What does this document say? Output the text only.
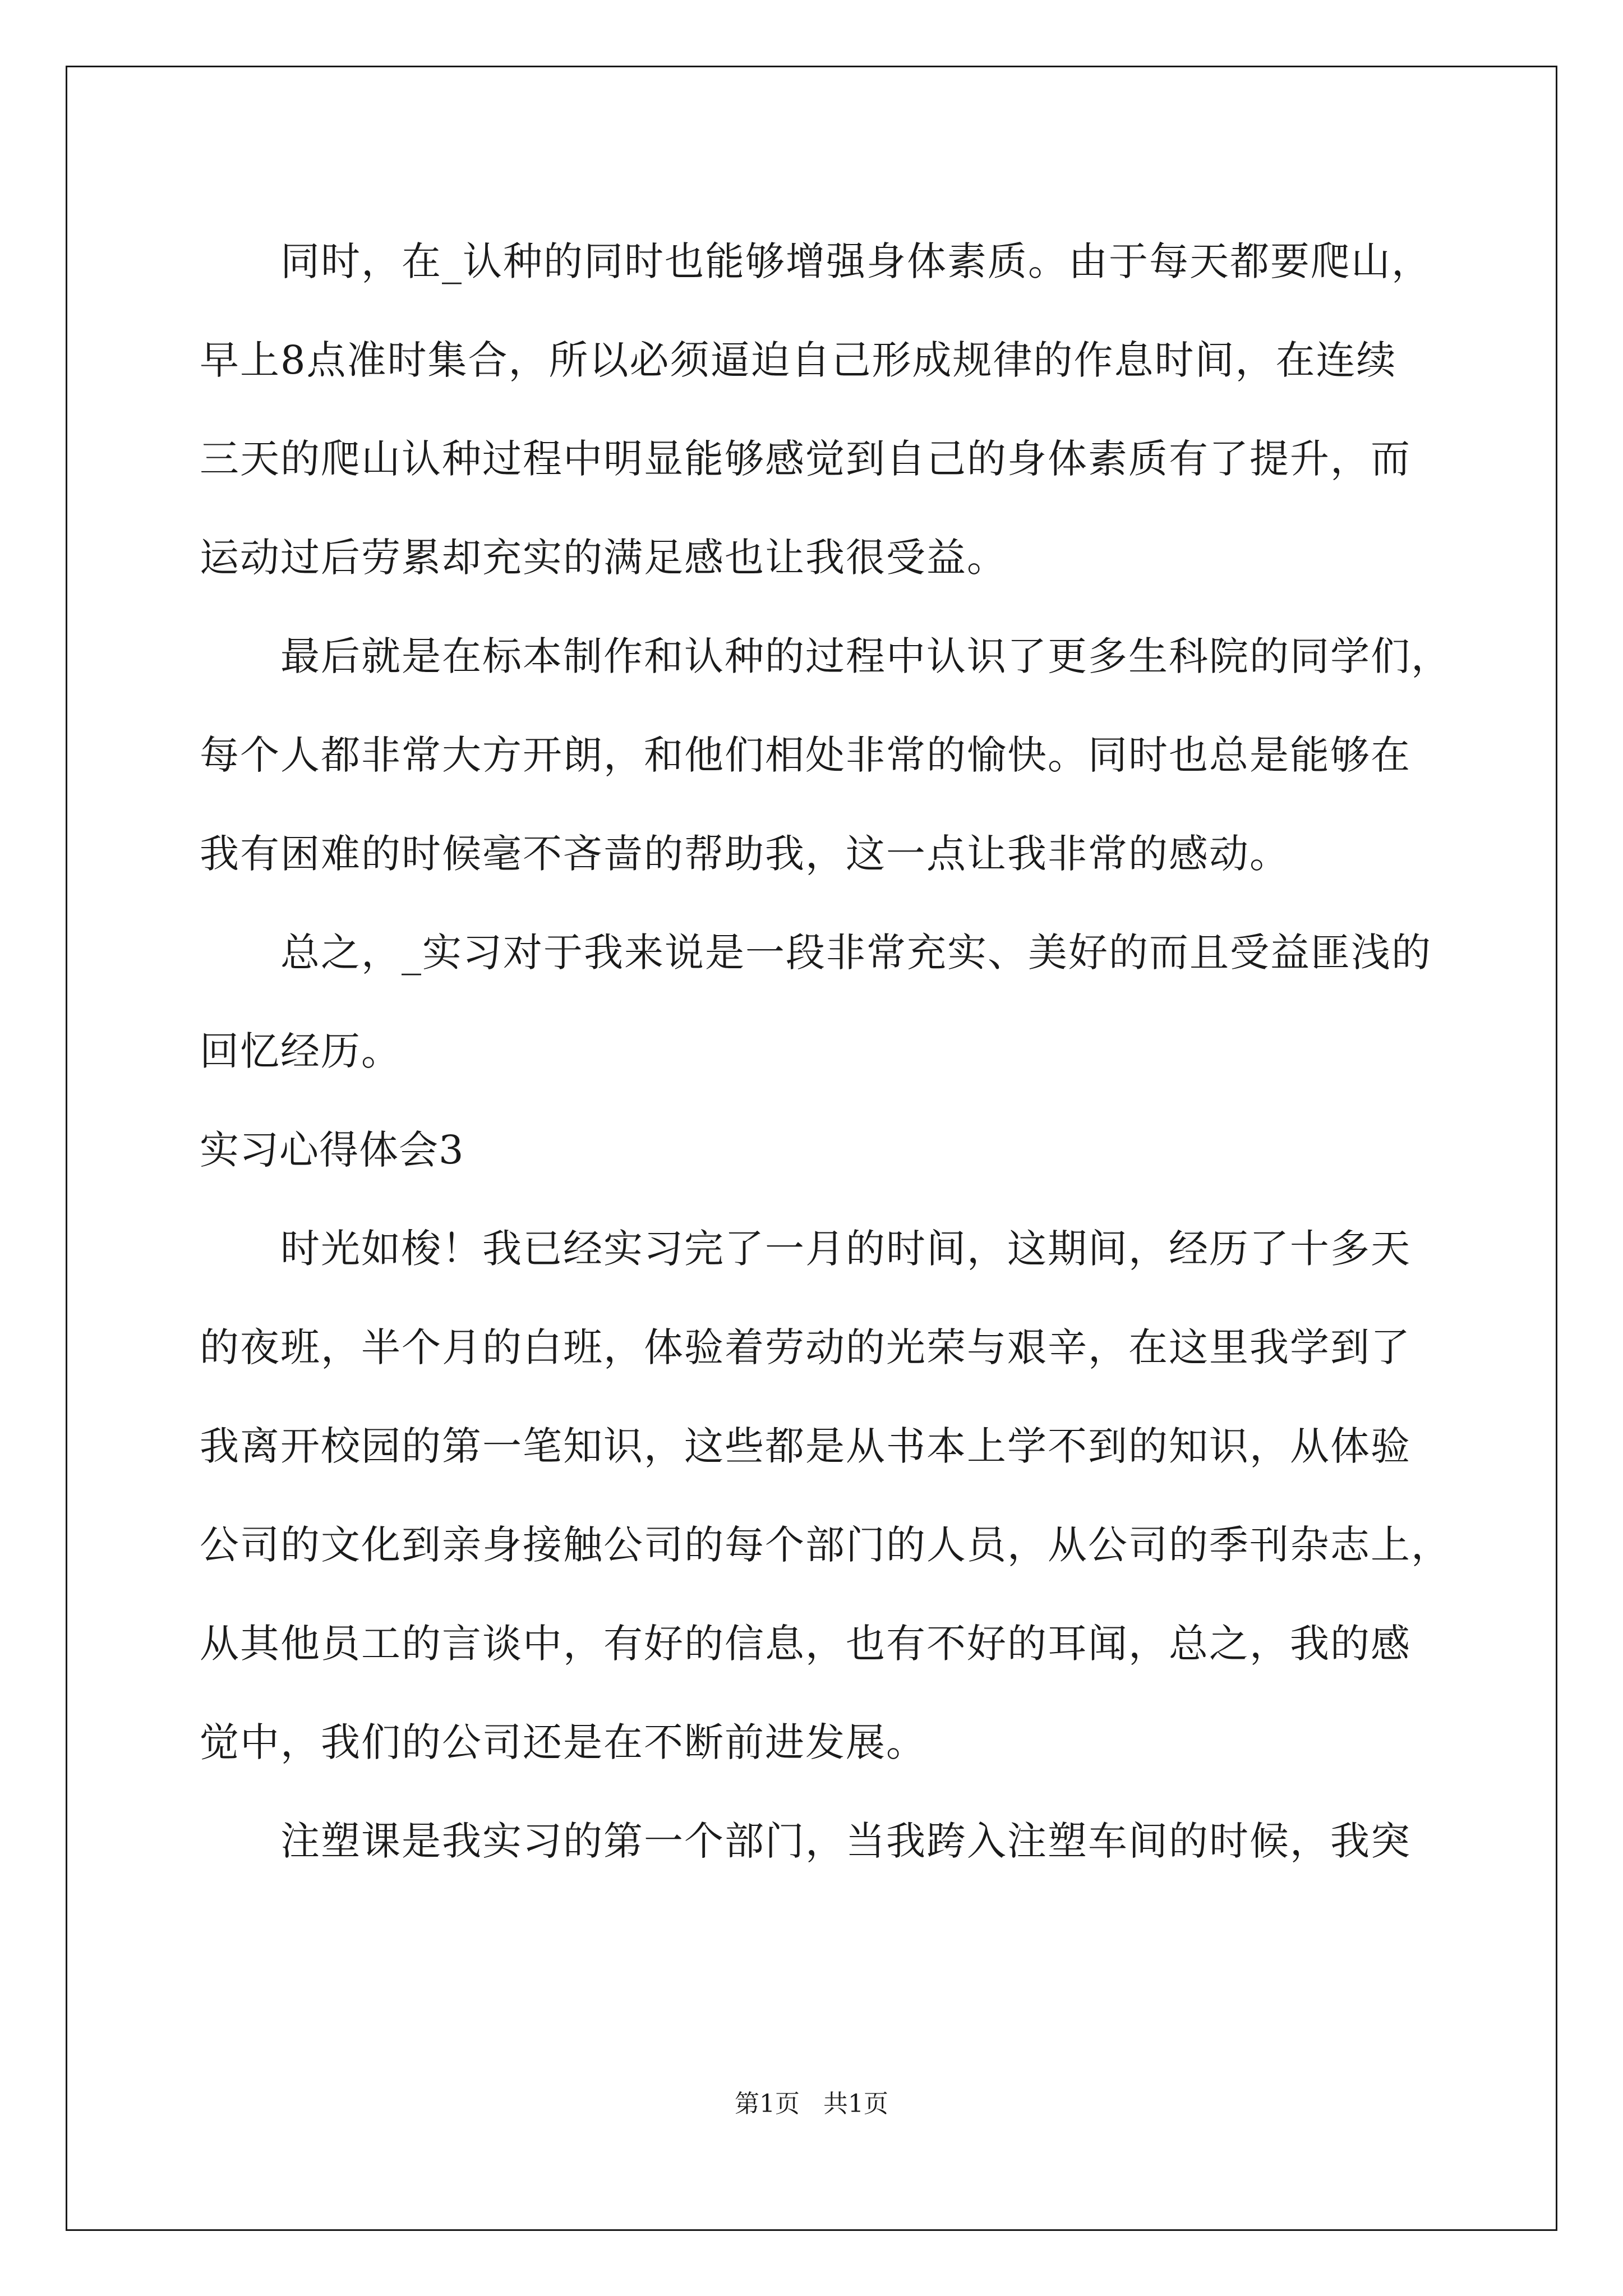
同时，在_认种的同时也能够增强身体素质。由于每天都要爬山，
早上8点准时集合，所以必须逼迫自己形成规律的作息时间，在连续
三天的爬山认种过程中明显能够感觉到自己的身体素质有了提升，而
运动过后劳累却充实的满足感也让我很受益。
最后就是在标本制作和认种的过程中认识了更多生科院的同学们，
每个人都非常大方开朗，和他们相处非常的愉快。同时也总是能够在
我有困难的时候毫不吝啬的帮助我，这一点让我非常的感动。
总之，_实习对于我来说是一段非常充实、美好的而且受益匪浅的
回忆经历。
实习心得体会3
时光如梭！我已经实习完了一月的时间，这期间，经历了十多天
的夜班，半个月的白班，体验着劳动的光荣与艰辛，在这里我学到了
我离开校园的第一笔知识，这些都是从书本上学不到的知识，从体验
公司的文化到亲身接触公司的每个部门的人员，从公司的季刊杂志上，
从其他员工的言谈中，有好的信息，也有不好的耳闻，总之，我的感
觉中，我们的公司还是在不断前进发展。
注塑课是我实习的第一个部门，当我跨入注塑车间的时候，我突
第1页   共1页
